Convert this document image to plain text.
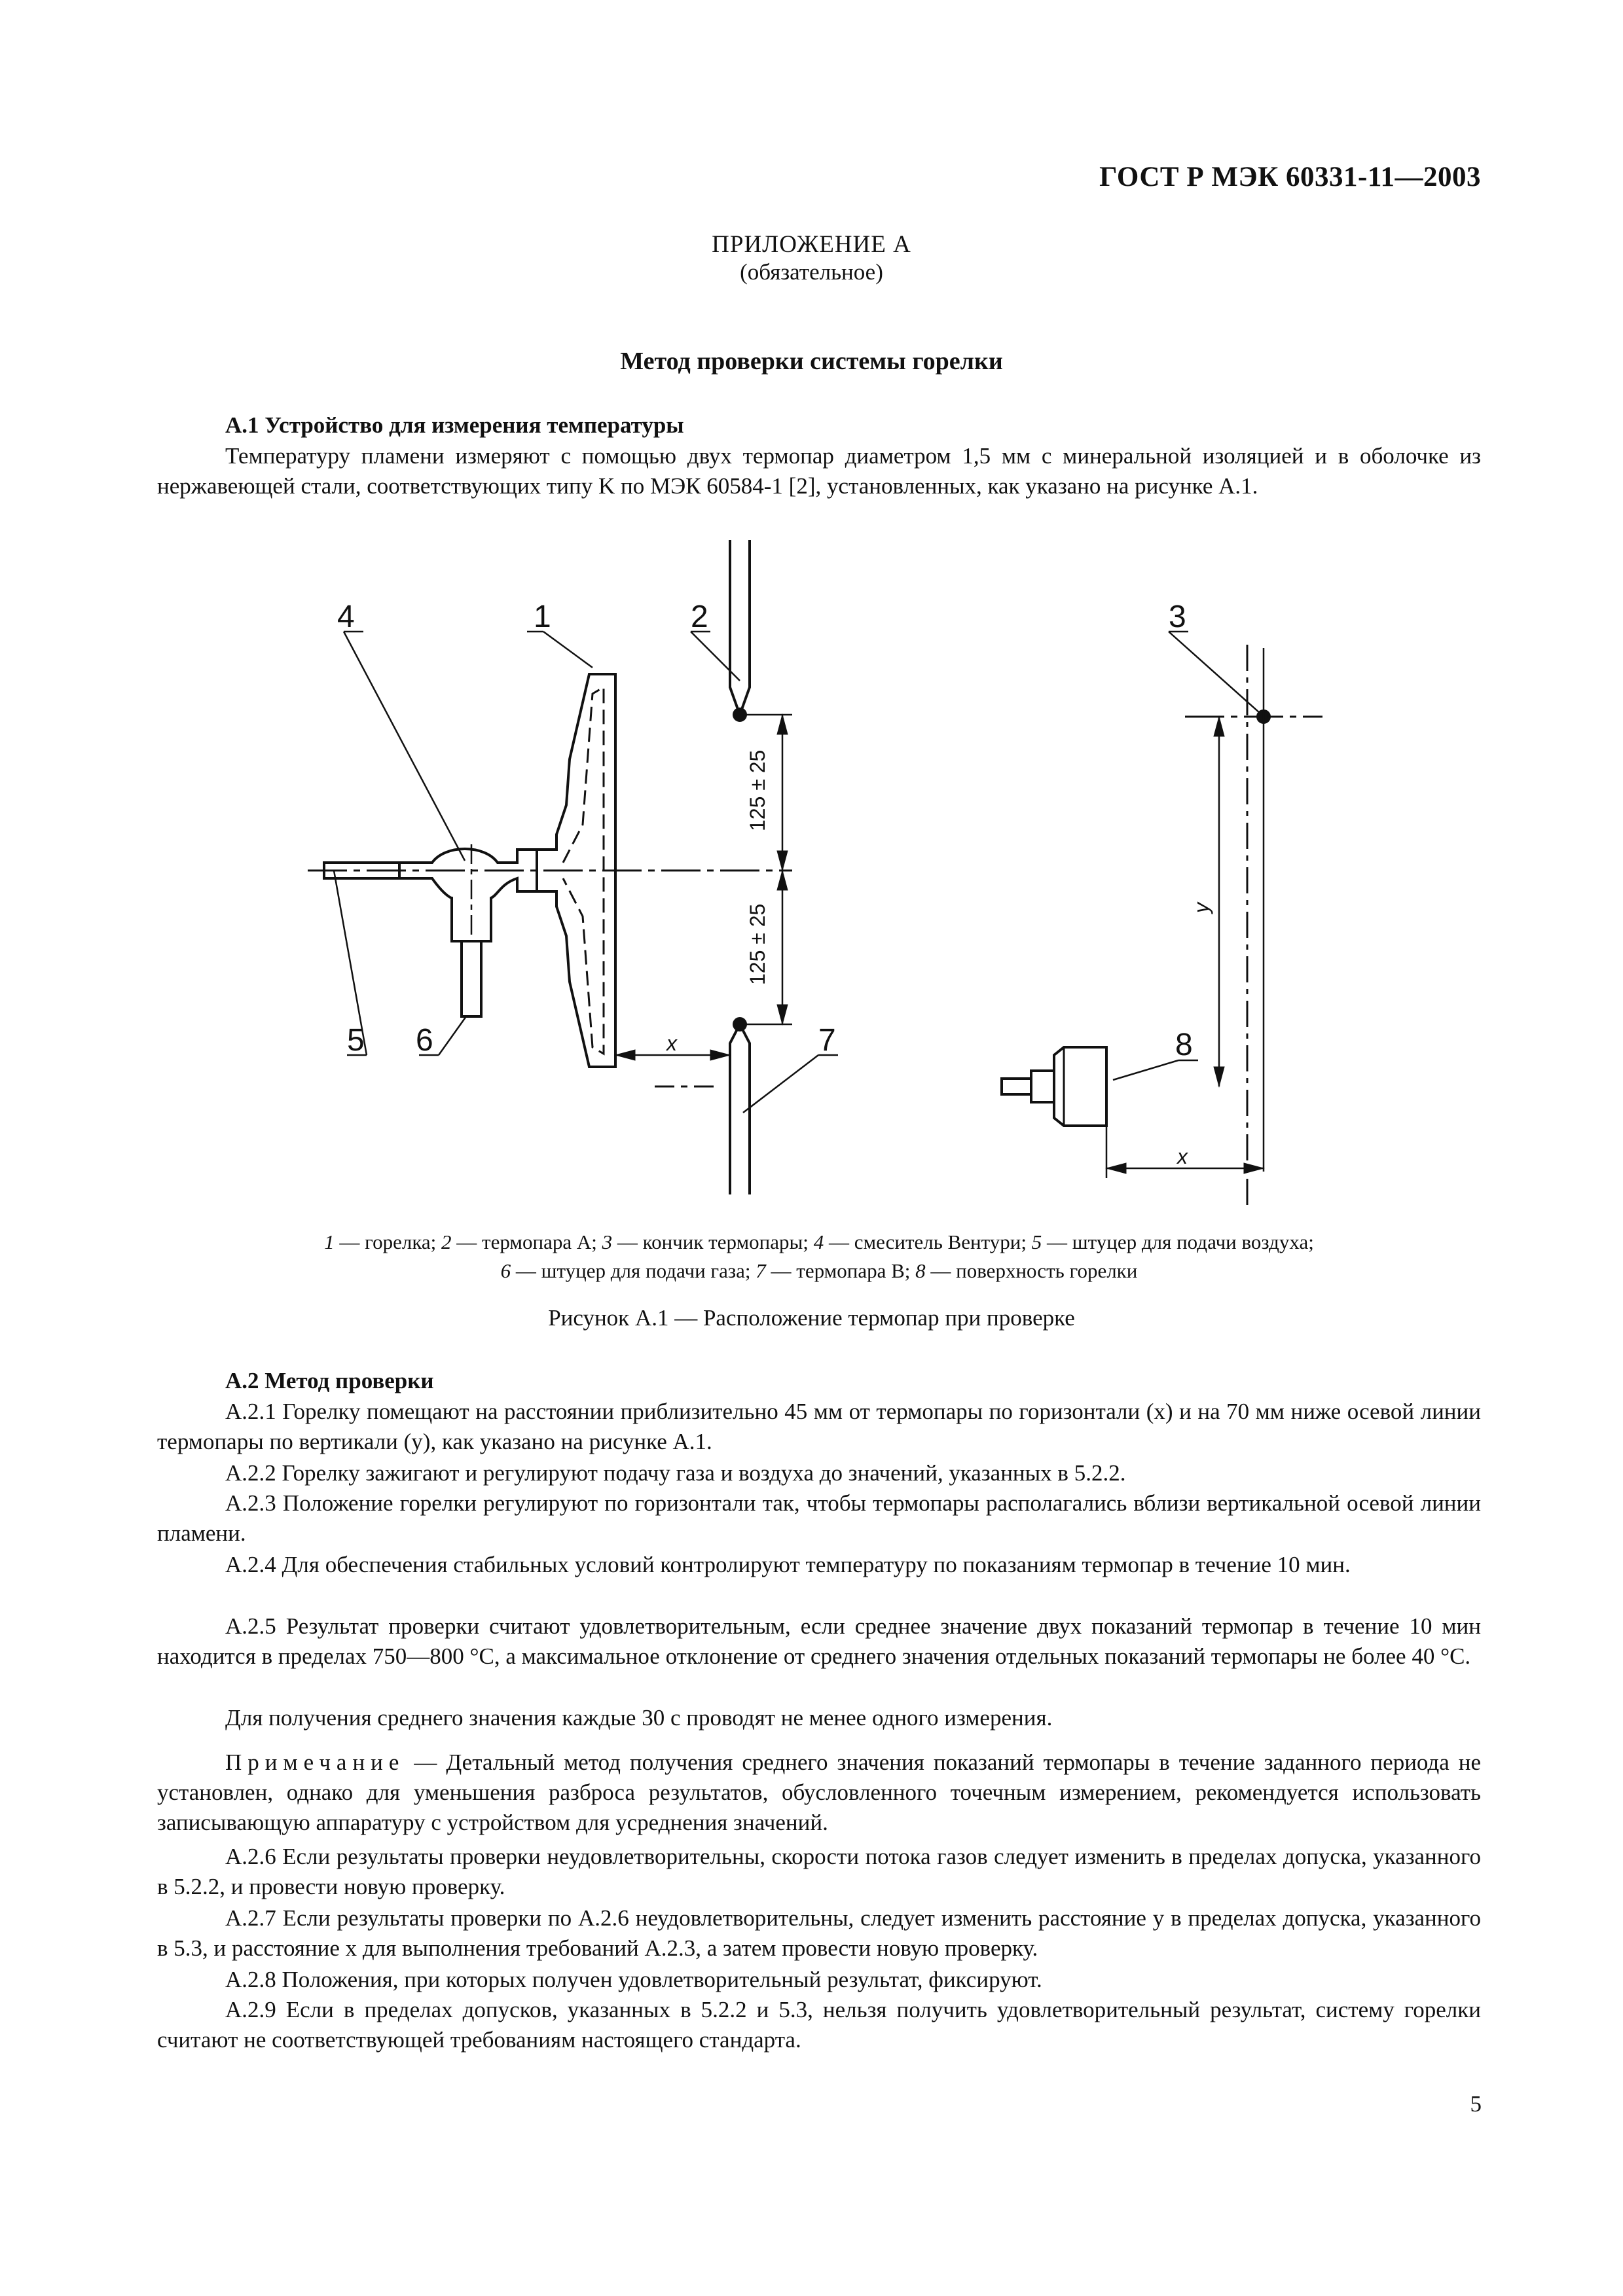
ГОСТ Р МЭК 60331-11—2003
ПРИЛОЖЕНИЕ А
(обязательное)
Метод проверки системы горелки
А.1 Устройство для измерения температуры

Температуру пламени измеряют с помощью двух термопар диаметром 1,5 мм с минеральной изоляцией и в оболочке из нержавеющей стали, соответствующих типу K по МЭК 60584-1 [2], установленных, как указано на рисунке А.1.

4	1	2	3
5 6	7	8
125 ± 25
125 ± 25
x
x
y
1 — горелка; 2 — термопара А; 3 — кончик термопары; 4 — смеситель Вентури; 5 — штуцер для подачи воздуха;
6 — штуцер для подачи газа; 7 — термопара В; 8 — поверхность горелки
Рисунок А.1 — Расположение термопар при проверке
А.2 Метод проверки

А.2.1 Горелку помещают на расстоянии приблизительно 45 мм от термопары по горизонтали (x) и на 70 мм ниже осевой линии термопары по вертикали (y), как указано на рисунке А.1.

А.2.2 Горелку зажигают и регулируют подачу газа и воздуха до значений, указанных в 5.2.2.

А.2.3 Положение горелки регулируют по горизонтали так, чтобы термопары располагались вблизи вертикальной осевой линии пламени.

А.2.4 Для обеспечения стабильных условий контролируют температуру по показаниям термопар в течение 10 мин.

А.2.5 Результат проверки считают удовлетворительным, если среднее значение двух показаний термопар в течение 10 мин находится в пределах 750—800 °С, а максимальное отклонение от среднего значения отдельных показаний термопары не более 40 °С.

Для получения среднего значения каждые 30 с проводят не менее одного измерения.

Примечание — Детальный метод получения среднего значения показаний термопары в течение заданного периода не установлен, однако для уменьшения разброса результатов, обусловленного точечным измерением, рекомендуется использовать записывающую аппаратуру с устройством для усреднения значений.

А.2.6 Если результаты проверки неудовлетворительны, скорости потока газов следует изменить в пределах допуска, указанного в 5.2.2, и провести новую проверку.

А.2.7 Если результаты проверки по А.2.6 неудовлетворительны, следует изменить расстояние y в пределах допуска, указанного в 5.3, и расстояние x для выполнения требований А.2.3, а затем провести новую проверку.

А.2.8 Положения, при которых получен удовлетворительный результат, фиксируют.

А.2.9 Если в пределах допусков, указанных в 5.2.2 и 5.3, нельзя получить удовлетворительный результат, систему горелки считают не соответствующей требованиям настоящего стандарта.

5
